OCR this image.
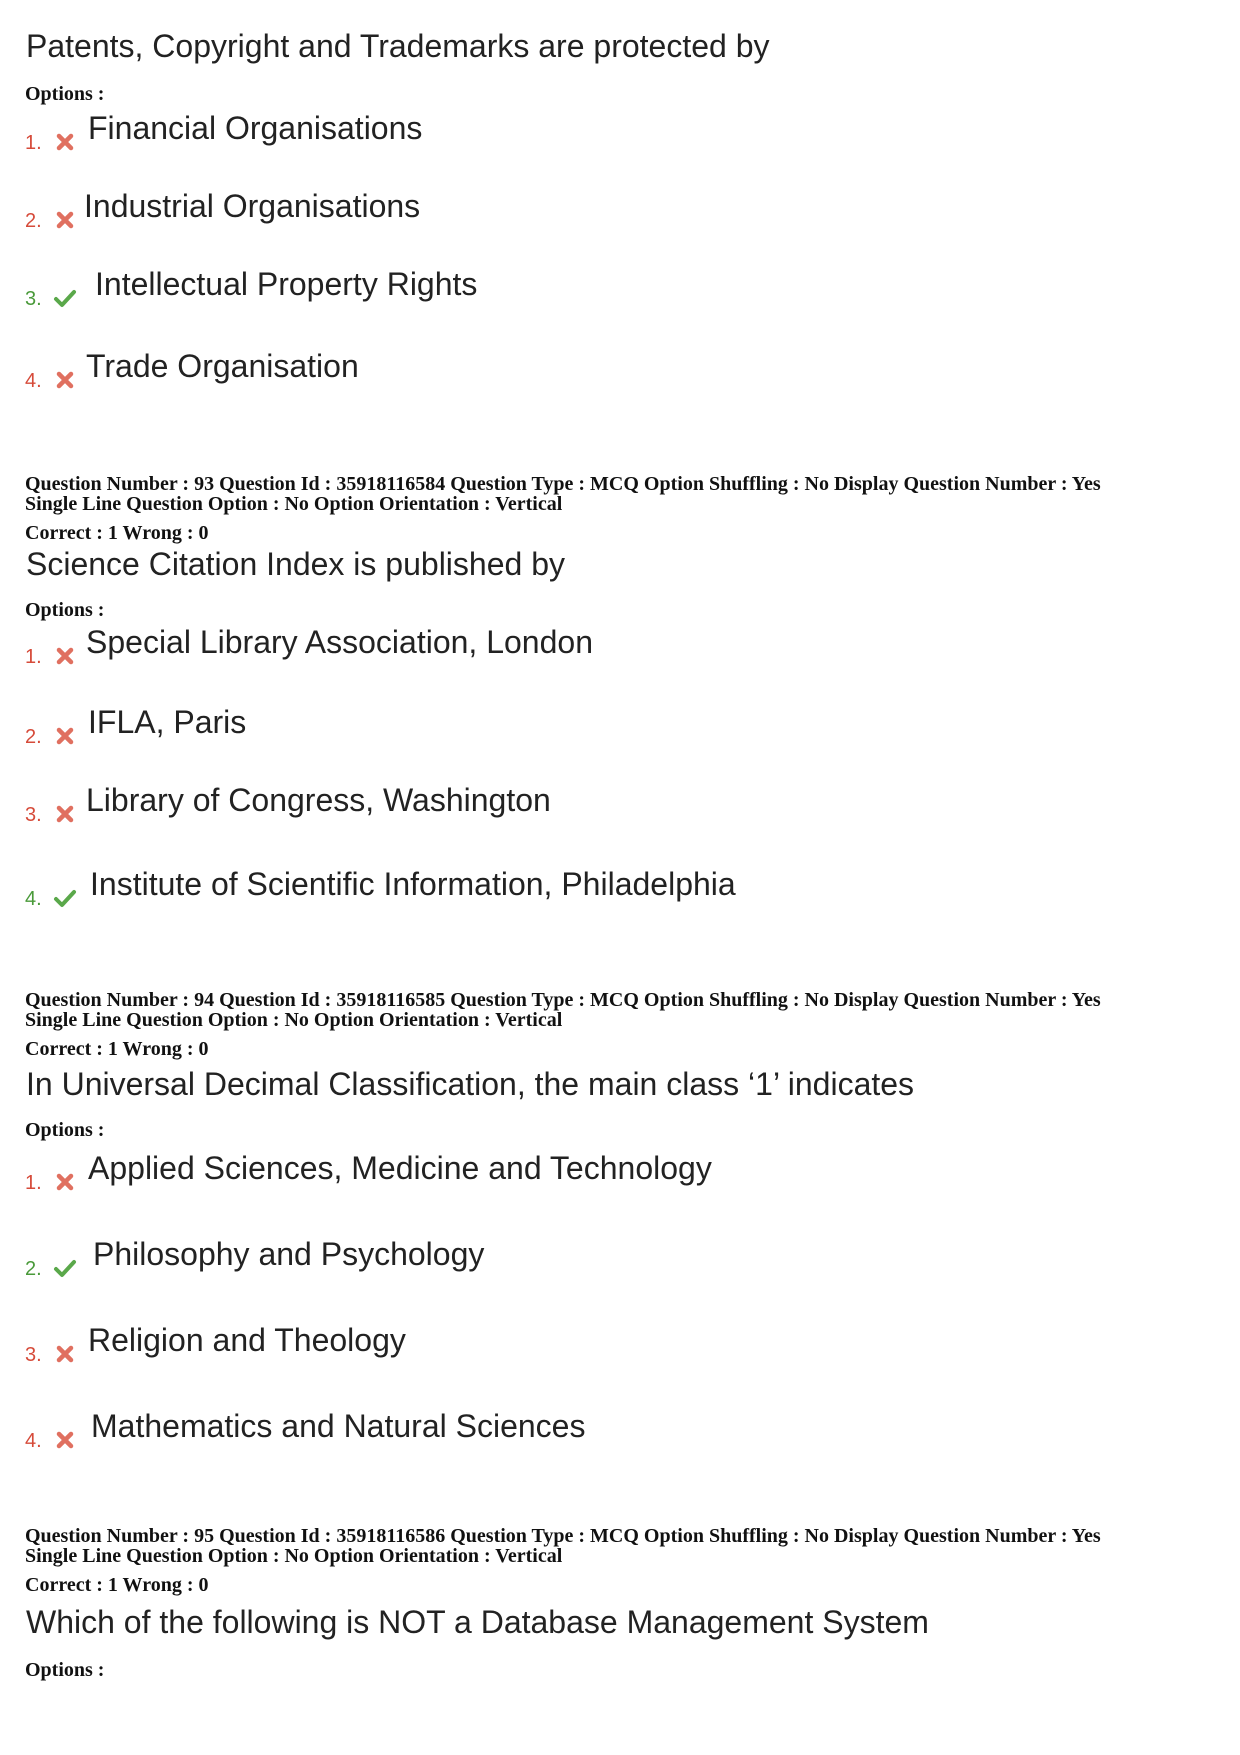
Patents, Copyright and Trademarks are protected by

Options :

1. Financial Organisations
2. Industrial Organisations
3. Intellectual Property Rights
4. Trade Organisation

Question Number : 93 Question Id : 35918116584 Question Type : MCQ Option Shuffling : No Display Question Number : Yes

Single Line Question Option : No Option Orientation : Vertical

Correct : 1 Wrong : 0

Science Citation Index is published by

Options :

1. Special Library Association, London
2. IFLA, Paris
3. Library of Congress, Washington
4. Institute of Scientific Information, Philadelphia

Question Number : 94 Question Id : 35918116585 Question Type : MCQ Option Shuffling : No Display Question Number : Yes

Single Line Question Option : No Option Orientation : Vertical

Correct : 1 Wrong : 0

In Universal Decimal Classification, the main class ‘1’ indicates

Options :

1. Applied Sciences, Medicine and Technology
2. Philosophy and Psychology
3. Religion and Theology
4. Mathematics and Natural Sciences

Question Number : 95 Question Id : 35918116586 Question Type : MCQ Option Shuffling : No Display Question Number : Yes

Single Line Question Option : No Option Orientation : Vertical

Correct : 1 Wrong : 0

Which of the following is NOT a Database Management System

Options :
